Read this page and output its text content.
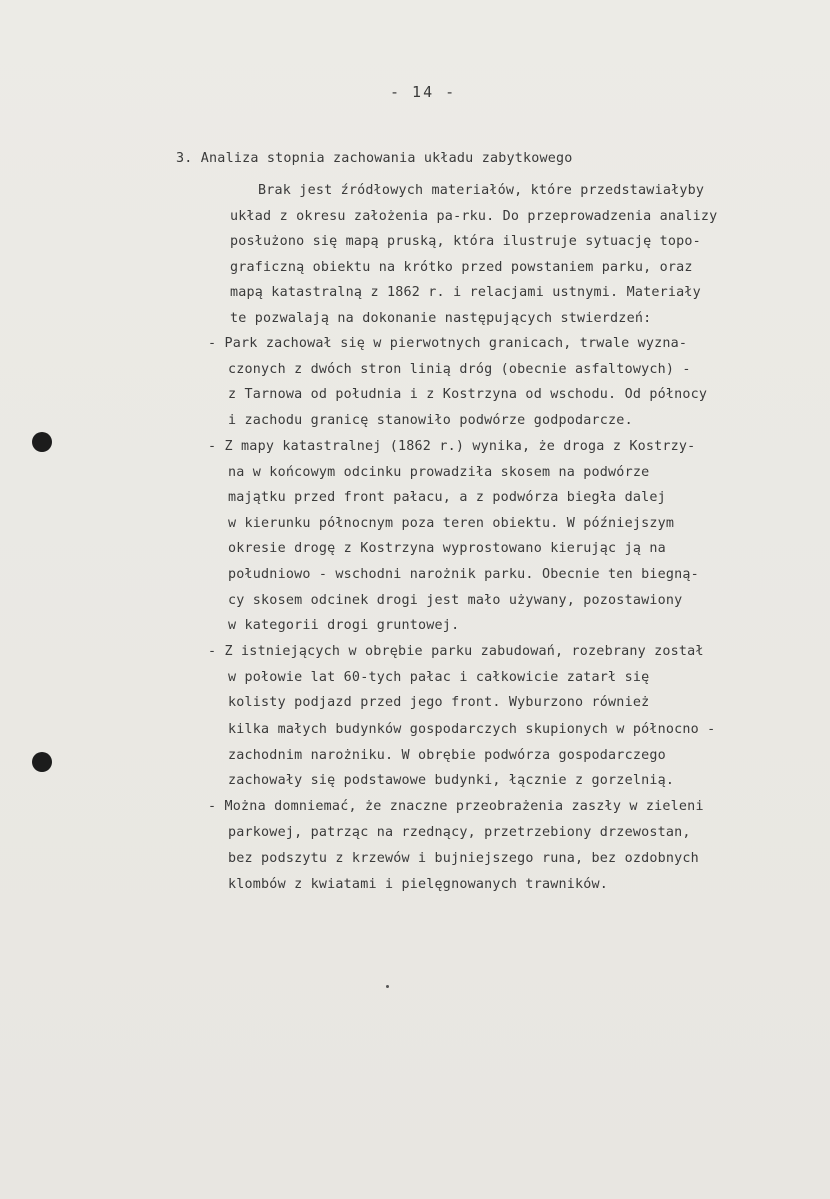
- 14 -
3. Analiza stopnia zachowania układu zabytkowego
Brak jest źródłowych materiałów, które przedstawiałyby
układ z okresu założenia pa-rku. Do przeprowadzenia analizy
posłużono się mapą pruską, która ilustruje sytuację topo-
graficzną obiektu na krótko przed powstaniem parku, oraz
mapą katastralną z 1862 r. i relacjami ustnymi. Materiały
te pozwalają na dokonanie następujących stwierdzeń:
- Park zachował się w pierwotnych granicach, trwale wyzna-
czonych z dwóch stron linią dróg (obecnie asfaltowych) -
z Tarnowa od południa i z Kostrzyna od wschodu. Od północy
i zachodu granicę stanowiło podwórze godpodarcze.
- Z mapy katastralnej (1862 r.) wynika, że droga z Kostrzy-
na w końcowym odcinku prowadziła skosem na podwórze
majątku przed front pałacu, a z podwórza biegła dalej
w kierunku północnym poza teren obiektu. W późniejszym
okresie drogę z Kostrzyna wyprostowano kierując ją na
południowo - wschodni narożnik parku. Obecnie ten biegną-
cy skosem odcinek drogi jest mało używany, pozostawiony
w kategorii drogi gruntowej.
- Z istniejących w obrębie parku zabudowań, rozebrany został
w połowie lat 60-tych pałac i całkowicie zatarł się
kolisty podjazd przed jego front. Wyburzono również
kilka małych budynków gospodarczych skupionych w północno -
zachodnim narożniku. W obrębie podwórza gospodarczego
zachowały się podstawowe budynki, łącznie z gorzelnią.
- Można domniemać, że znaczne przeobrażenia zaszły w zieleni
parkowej, patrząc na rzednący, przetrzebiony drzewostan,
bez podszytu z krzewów i bujniejszego runa, bez ozdobnych
klombów z kwiatami i pielęgnowanych trawników.
